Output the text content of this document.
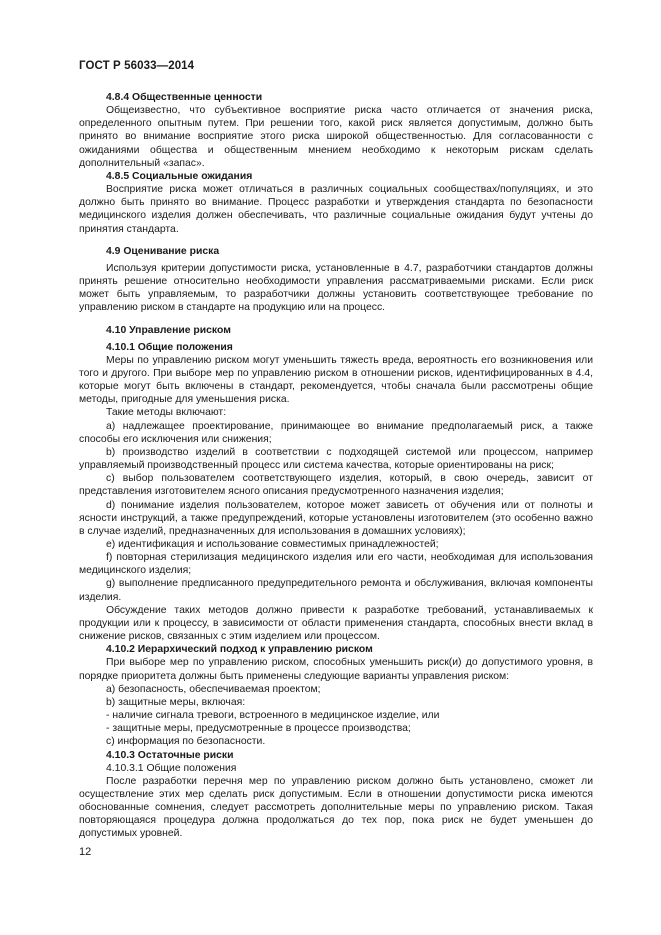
ГОСТ Р 56033—2014

4.8.4 Общественные ценности

Общеизвестно, что субъективное восприятие риска часто отличается от значения риска, определенного опытным путем. При решении того, какой риск является допустимым, должно быть принято во внимание восприятие этого риска широкой общественностью. Для согласованности с ожиданиями общества и общественным мнением необходимо к некоторым рискам сделать дополнительный «запас».

4.8.5 Социальные ожидания

Восприятие риска может отличаться в различных социальных сообществах/популяциях, и это должно быть принято во внимание. Процесс разработки и утверждения стандарта по безопасности медицинского изделия должен обеспечивать, что различные социальные ожидания будут учтены до принятия стандарта.

4.9 Оценивание риска

Используя критерии допустимости риска, установленные в 4.7, разработчики стандартов должны принять решение относительно необходимости управления рассматриваемыми рисками. Если риск может быть управляемым, то разработчики должны установить соответствующее требование по управлению риском в стандарте на продукцию или на процесс.

4.10 Управление риском

4.10.1 Общие положения

Меры по управлению риском могут уменьшить тяжесть вреда, вероятность его возникновения или того и другого. При выборе мер по управлению риском в отношении рисков, идентифицированных в 4.4, которые могут быть включены в стандарт, рекомендуется, чтобы сначала были рассмотрены общие методы, пригодные для уменьшения риска.

Такие методы включают:

a) надлежащее проектирование, принимающее во внимание предполагаемый риск, а также способы его исключения или снижения;

b) производство изделий в соответствии с подходящей системой или процессом, например управляемый производственный процесс или система качества, которые ориентированы на риск;

c) выбор пользователем соответствующего изделия, который, в свою очередь, зависит от представления изготовителем ясного описания предусмотренного назначения изделия;

d) понимание изделия пользователем, которое может зависеть от обучения или от полноты и ясности инструкций, а также предупреждений, которые установлены изготовителем (это особенно важно в случае изделий, предназначенных для использования в домашних условиях);

e) идентификация и использование совместимых принадлежностей;

f) повторная стерилизация медицинского изделия или его части, необходимая для использования медицинского изделия;

g) выполнение предписанного предупредительного ремонта и обслуживания, включая компоненты изделия.

Обсуждение таких методов должно привести к разработке требований, устанавливаемых к продукции или к процессу, в зависимости от области применения стандарта, способных внести вклад в снижение рисков, связанных с этим изделием или процессом.

4.10.2 Иерархический подход к управлению риском

При выборе мер по управлению риском, способных уменьшить риск(и) до допустимого уровня, в порядке приоритета должны быть применены следующие варианты управления риском:

a) безопасность, обеспечиваемая проектом;

b) защитные меры, включая:

- наличие сигнала тревоги, встроенного в медицинское изделие, или

- защитные меры, предусмотренные в процессе производства;

c) информация по безопасности.

4.10.3 Остаточные риски

4.10.3.1 Общие положения

После разработки перечня мер по управлению риском должно быть установлено, сможет ли осуществление этих мер сделать риск допустимым. Если в отношении допустимости риска имеются обоснованные сомнения, следует рассмотреть дополнительные меры по управлению риском. Такая повторяющаяся процедура должна продолжаться до тех пор, пока риск не будет уменьшен до допустимых уровней.

12
